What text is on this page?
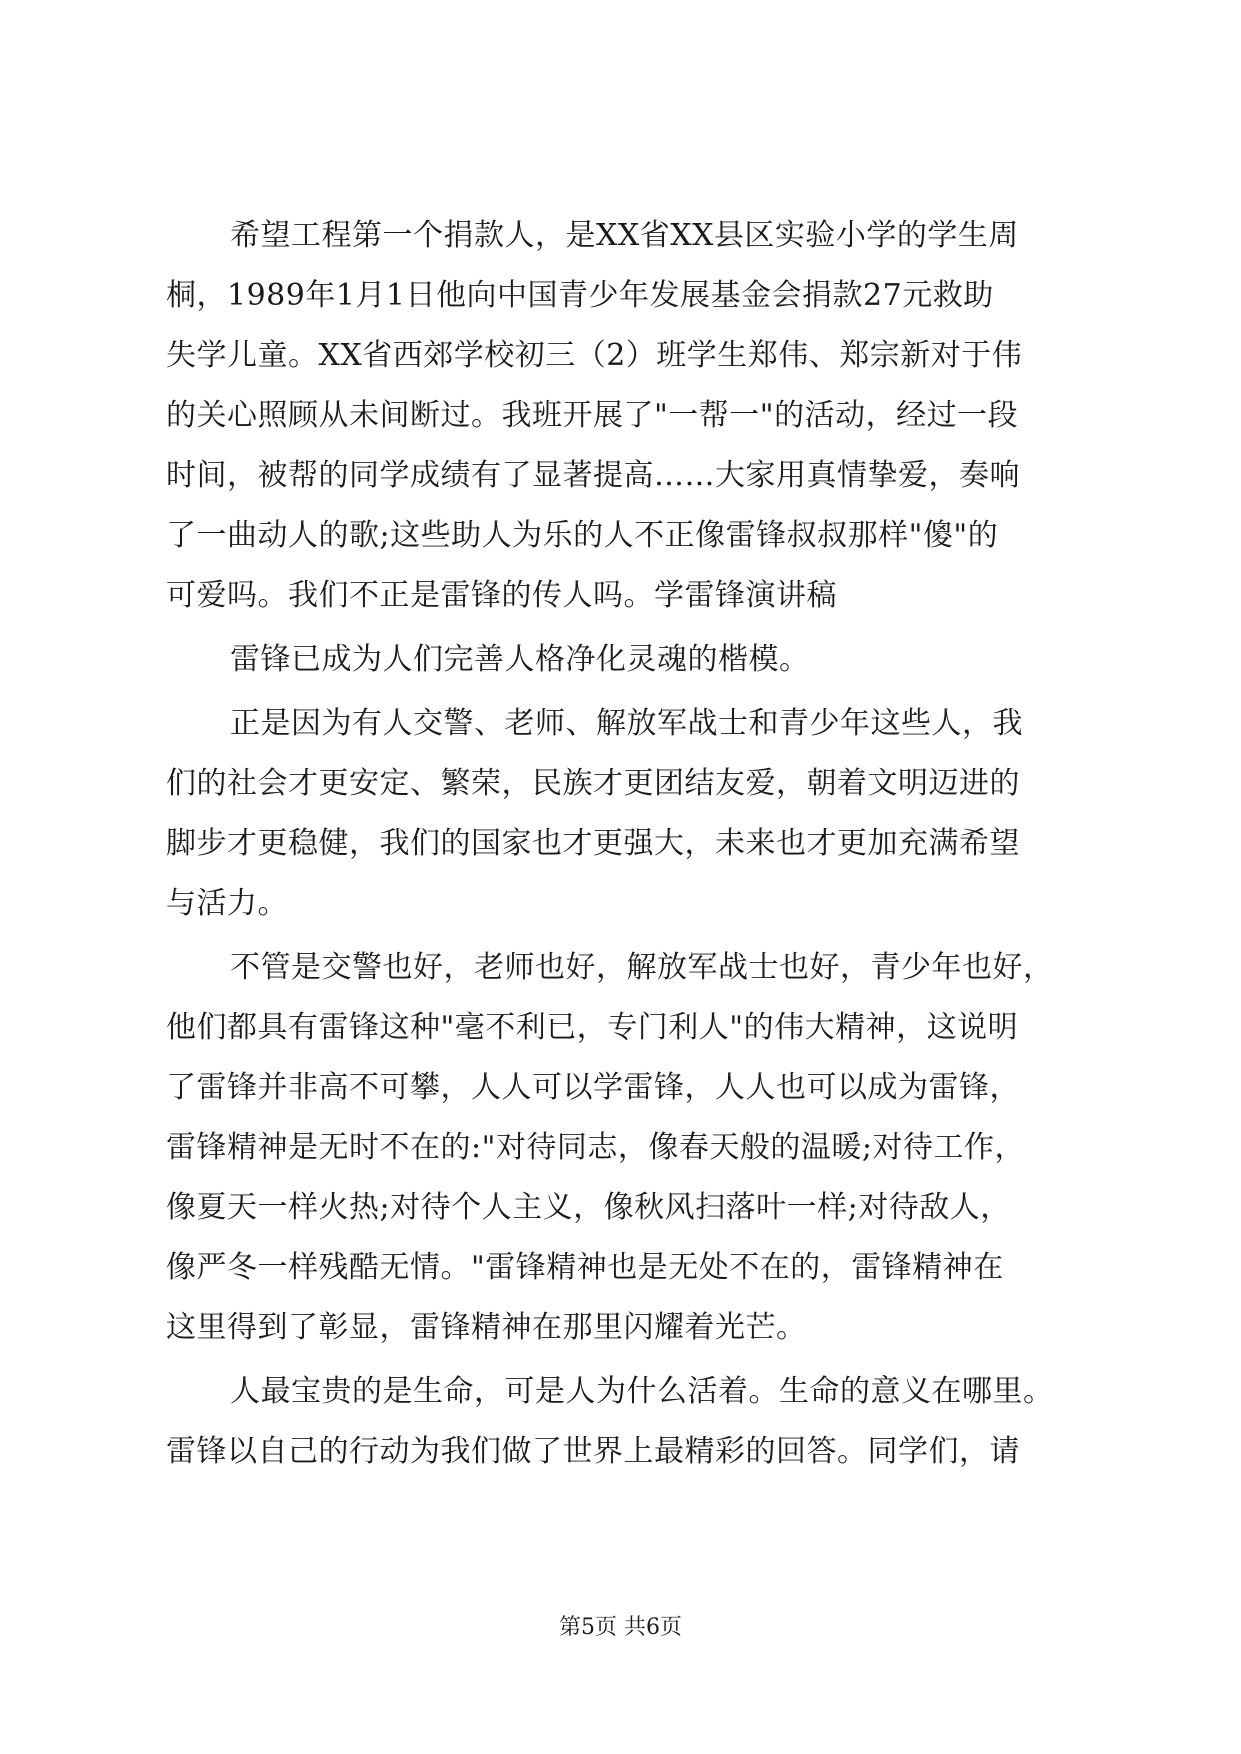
希望工程第一个捐款人，是XX省XX县区实验小学的学生周
桐，1989年1月1日他向中国青少年发展基金会捐款27元救助
失学儿童。XX省西郊学校初三（2）班学生郑伟、郑宗新对于伟
的关心照顾从未间断过。我班开展了"一帮一"的活动，经过一段
时间，被帮的同学成绩有了显著提高……大家用真情挚爱，奏响
了一曲动人的歌;这些助人为乐的人不正像雷锋叔叔那样"傻"的
可爱吗。我们不正是雷锋的传人吗。学雷锋演讲稿

雷锋已成为人们完善人格净化灵魂的楷模。

正是因为有人交警、老师、解放军战士和青少年这些人，我
们的社会才更安定、繁荣，民族才更团结友爱，朝着文明迈进的
脚步才更稳健，我们的国家也才更强大，未来也才更加充满希望
与活力。

不管是交警也好，老师也好，解放军战士也好，青少年也好，
他们都具有雷锋这种"毫不利已，专门利人"的伟大精神，这说明
了雷锋并非高不可攀，人人可以学雷锋，人人也可以成为雷锋，
雷锋精神是无时不在的:"对待同志，像春天般的温暖;对待工作，
像夏天一样火热;对待个人主义，像秋风扫落叶一样;对待敌人，
像严冬一样残酷无情。"雷锋精神也是无处不在的，雷锋精神在
这里得到了彰显，雷锋精神在那里闪耀着光芒。

人最宝贵的是生命，可是人为什么活着。生命的意义在哪里。
雷锋以自己的行动为我们做了世界上最精彩的回答。同学们，请

第5页 共6页
